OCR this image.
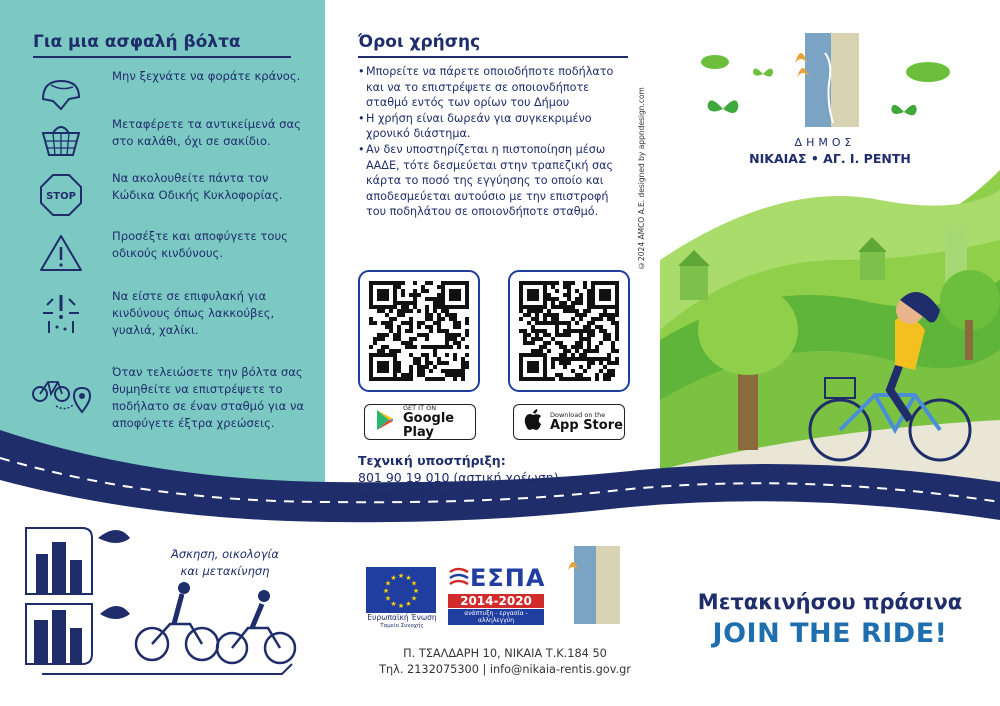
Για μια ασφαλή βόλτα
Μην ξεχνάτε να φοράτε κράνος.
Μεταφέρετε τα αντικείμενά σας στο καλάθι, όχι σε σακίδιο.
STOP
Να ακολουθείτε πάντα τον Κώδικα Οδικής Κυκλοφορίας.
Προσέξτε και αποφύγετε τους οδικούς κινδύνους.
Να είστε σε επιφυλακή για κινδύνους όπως λακκούβες, γυαλιά, χαλίκι.
Όταν τελειώσετε την βόλτα σας θυμηθείτε να επιστρέψετε το ποδήλατο σε έναν σταθμό για να αποφύγετε έξτρα χρεώσεις.
Όροι χρήσης
• Μπορείτε να πάρετε οποιοδήποτε ποδήλατο και να το επιστρέψετε σε οποιονδήποτε σταθμό εντός των ορίων του Δήμου
• Η χρήση είναι δωρεάν για συγκεκριμένο χρονικό διάστημα.
• Αν δεν υποστηρίζεται η πιστοποίηση μέσω ΑΑΔΕ, τότε δεσμεύεται στην τραπεζική σας κάρτα το ποσό της εγγύησης το οποίο και αποδεσμεύεται αυτούσιο με την επιστροφή του ποδηλάτου σε οποιονδήποτε σταθμό.	©2024 AMCO A.E. designed by appndesign.com
GET IT ON
Google Play
Download on the
App Store
Τεχνική υποστήριξη:
801 90 19 010 (αστική χρέωση)
support@smart-bike.gr
ΔΗΜΟΣ
ΝΙΚΑΙΑΣ • ΑΓ. Ι. ΡΕΝΤΗ
Άσκηση, οικολογία
και μετακίνηση
★
★
★
★
★
★
★
★
★ ★ ★
★
Ευρωπαϊκή Ένωση
Ταμείο Συνοχής
ΕΣΠΑ
2014-2020
ανάπτυξη - εργασία - αλληλεγγύη
Π. ΤΣΑΛΔΑΡΗ 10, ΝΙΚΑΙΑ Τ.Κ.184 50
Τηλ. 2132075300 | info@nikaia-rentis.gov.gr
Μετακινήσου πράσινα
JOIN THE RIDE!
